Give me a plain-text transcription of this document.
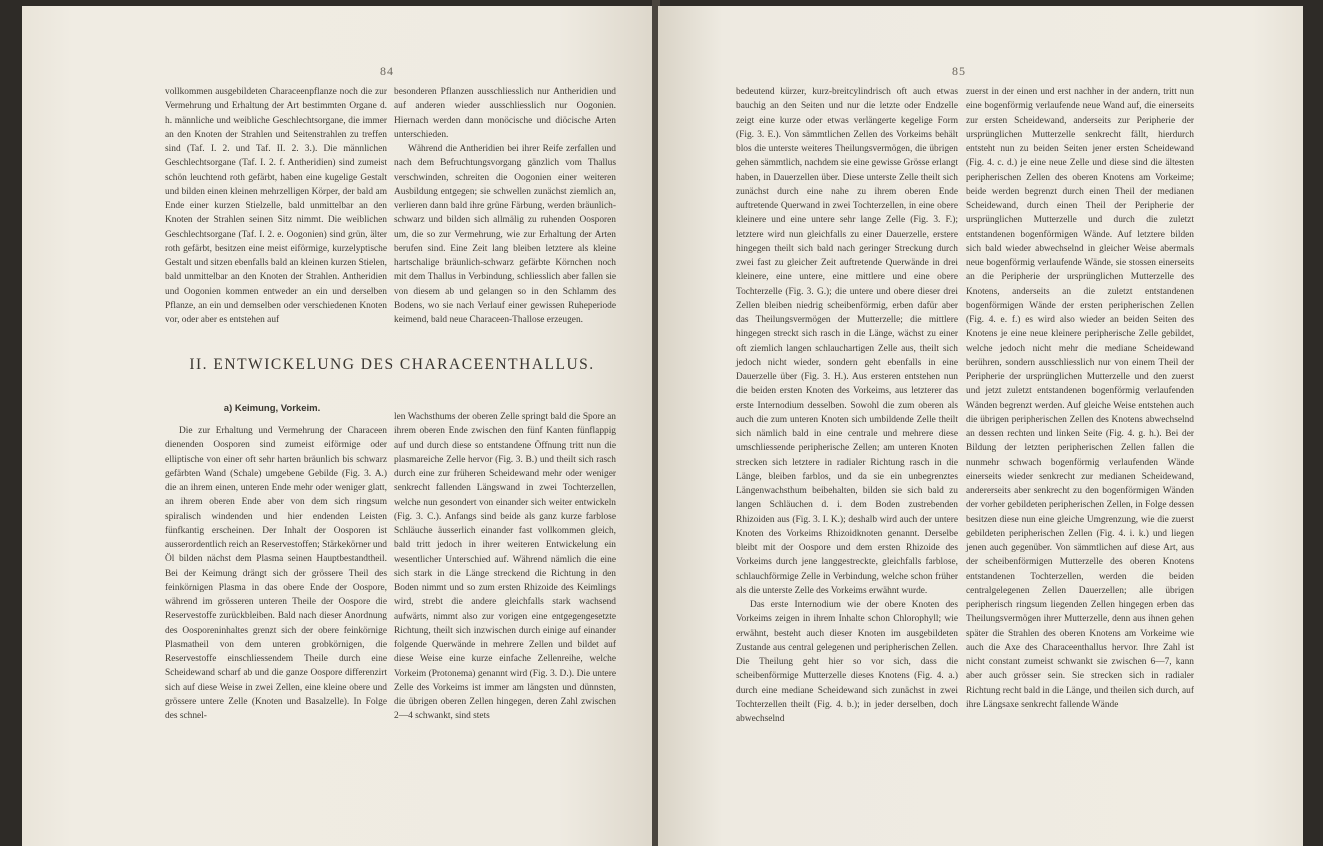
84

vollkommen ausgebildeten Characeenpflanze noch die zur Vermehrung und Erhaltung der Art bestimmten Organe d. h. männliche und weibliche Geschlechtsorgane, die immer an den Knoten der Strahlen und Seitenstrahlen zu treffen sind (Taf. I. 2. und Taf. II. 2. 3.). Die männlichen Geschlechtsorgane (Taf. I. 2. f. Antheridien) sind zumeist schön leuchtend roth gefärbt, haben eine kugelige Gestalt und bilden einen kleinen mehrzelligen Körper, der bald am Ende einer kurzen Stielzelle, bald unmittelbar an den Knoten der Strahlen seinen Sitz nimmt. Die weiblichen Geschlechtsorgane (Taf. I. 2. e. Oogonien) sind grün, älter roth gefärbt, besitzen eine meist eiförmige, kurzelyptische Gestalt und sitzen ebenfalls bald an kleinen kurzen Stielen, bald unmittelbar an den Knoten der Strahlen. Antheridien und Oogonien kommen entweder an ein und derselben Pflanze, an ein und demselben oder verschiedenen Knoten vor, oder aber es entstehen auf

besonderen Pflanzen ausschliesslich nur Antheridien und auf anderen wieder ausschliesslich nur Oogonien. Hiernach werden dann monöcische und diöcische Arten unterschieden.

Während die Antheridien bei ihrer Reife zerfallen und nach dem Befruchtungsvorgang gänzlich vom Thallus verschwinden, schreiten die Oogonien einer weiteren Ausbildung entgegen; sie schwellen zunächst ziemlich an, verlieren dann bald ihre grüne Färbung, werden bräunlich-schwarz und bilden sich allmälig zu ruhenden Oosporen um, die so zur Vermehrung, wie zur Erhaltung der Arten berufen sind. Eine Zeit lang bleiben letztere als kleine hartschalige bräunlich-schwarz gefärbte Körnchen noch mit dem Thallus in Verbindung, schliesslich aber fallen sie von diesem ab und gelangen so in den Schlamm des Bodens, wo sie nach Verlauf einer gewissen Ruheperiode keimend, bald neue Characeen-Thallose erzeugen.

II. ENTWICKELUNG DES CHARACEENTHALLUS.
a) Keimung, Vorkeim.

Die zur Erhaltung und Vermehrung der Characeen dienenden Oosporen sind zumeist eiförmige oder elliptische von einer oft sehr harten bräunlich bis schwarz gefärbten Wand (Schale) umgebene Gebilde (Fig. 3. A.) die an ihrem einen, unteren Ende mehr oder weniger glatt, an ihrem oberen Ende aber von dem sich ringsum spiralisch windenden und hier endenden Leisten fünfkantig erscheinen. Der Inhalt der Oosporen ist ausserordentlich reich an Reservestoffen; Stärkekörner und Öl bilden nächst dem Plasma seinen Hauptbestandtheil. Bei der Keimung drängt sich der grössere Theil des feinkörnigen Plasma in das obere Ende der Oospore, während im grösseren unteren Theile der Oospore die Reservestoffe zurückbleiben. Bald nach dieser Anordnung des Oosporeninhaltes grenzt sich der obere feinkörnige Plasmatheil von dem unteren grobkörnigen, die Reservestoffe einschliessendem Theile durch eine Scheidewand scharf ab und die ganze Oospore differenzirt sich auf diese Weise in zwei Zellen, eine kleine obere und grössere untere Zelle (Knoten und Basalzelle). In Folge des schnel-

len Wachsthums der oberen Zelle springt bald die Spore an ihrem oberen Ende zwischen den fünf Kanten fünflappig auf und durch diese so entstandene Öffnung tritt nun die plasmareiche Zelle hervor (Fig. 3. B.) und theilt sich rasch durch eine zur früheren Scheidewand mehr oder weniger senkrecht fallenden Längswand in zwei Tochterzellen, welche nun gesondert von einander sich weiter entwickeln (Fig. 3. C.). Anfangs sind beide als ganz kurze farblose Schläuche äusserlich einander fast vollkommen gleich, bald tritt jedoch in ihrer weiteren Entwickelung ein wesentlicher Unterschied auf. Während nämlich die eine sich stark in die Länge streckend die Richtung in den Boden nimmt und so zum ersten Rhizoide des Keimlings wird, strebt die andere gleichfalls stark wachsend aufwärts, nimmt also zur vorigen eine entgegengesetzte Richtung, theilt sich inzwischen durch einige auf einander folgende Querwände in mehrere Zellen und bildet auf diese Weise eine kurze einfache Zellenreihe, welche Vorkeim (Protonema) genannt wird (Fig. 3. D.). Die untere Zelle des Vorkeims ist immer am längsten und dünnsten, die übrigen oberen Zellen hingegen, deren Zahl zwischen 2—4 schwankt, sind stets

85

bedeutend kürzer, kurz-breitcylindrisch oft auch etwas bauchig an den Seiten und nur die letzte oder Endzelle zeigt eine kurze oder etwas verlängerte kegelige Form (Fig. 3. E.). Von sämmtlichen Zellen des Vorkeims behält blos die unterste weiteres Theilungsvermögen, die übrigen gehen sämmtlich, nachdem sie eine gewisse Grösse erlangt haben, in Dauerzellen über. Diese unterste Zelle theilt sich zunächst durch eine nahe zu ihrem oberen Ende auftretende Querwand in zwei Tochterzellen, in eine obere kleinere und eine untere sehr lange Zelle (Fig. 3. F.); letztere wird nun gleichfalls zu einer Dauerzelle, erstere hingegen theilt sich bald nach geringer Streckung durch zwei fast zu gleicher Zeit auftretende Querwände in drei kleinere, eine untere, eine mittlere und eine obere Tochterzelle (Fig. 3. G.); die untere und obere dieser drei Zellen bleiben niedrig scheibenförmig, erben dafür aber das Theilungsvermögen der Mutterzelle; die mittlere hingegen streckt sich rasch in die Länge, wächst zu einer oft ziemlich langen schlauchartigen Zelle aus, theilt sich jedoch nicht wieder, sondern geht ebenfalls in eine Dauerzelle über (Fig. 3. H.). Aus ersteren entstehen nun die beiden ersten Knoten des Vorkeims, aus letzterer das erste Internodium desselben. Sowohl die zum oberen als auch die zum unteren Knoten sich umbildende Zelle theilt sich nämlich bald in eine centrale und mehrere diese umschliessende peripherische Zellen; am unteren Knoten strecken sich letztere in radialer Richtung rasch in die Länge, bleiben farblos, und da sie ein unbegrenztes Längenwachsthum beibehalten, bilden sie sich bald zu langen Schläuchen d. i. dem Boden zustrebenden Rhizoiden aus (Fig. 3. I. K.); deshalb wird auch der untere Knoten des Vorkeims Rhizoidknoten genannt. Derselbe bleibt mit der Oospore und dem ersten Rhizoide des Vorkeims durch jene langgestreckte, gleichfalls farblose, schlauchförmige Zelle in Verbindung, welche schon früher als die unterste Zelle des Vorkeims erwähnt wurde.

Das erste Internodium wie der obere Knoten des Vorkeims zeigen in ihrem Inhalte schon Chlorophyll; wie erwähnt, besteht auch dieser Knoten im ausgebildeten Zustande aus central gelegenen und peripherischen Zellen. Die Theilung geht hier so vor sich, dass die scheibenförmige Mutterzelle dieses Knotens (Fig. 4. a.) durch eine mediane Scheidewand sich zunächst in zwei Tochterzellen theilt (Fig. 4. b.); in jeder derselben, doch abwechselnd

zuerst in der einen und erst nachher in der andern, tritt nun eine bogenförmig verlaufende neue Wand auf, die einerseits zur ersten Scheidewand, anderseits zur Peripherie der ursprünglichen Mutterzelle senkrecht fällt, hierdurch entsteht nun zu beiden Seiten jener ersten Scheidewand (Fig. 4. c. d.) je eine neue Zelle und diese sind die ältesten peripherischen Zellen des oberen Knotens am Vorkeime; beide werden begrenzt durch einen Theil der medianen Scheidewand, durch einen Theil der Peripherie der ursprünglichen Mutterzelle und durch die zuletzt entstandenen bogenförmigen Wände. Auf letztere bilden sich bald wieder abwechselnd in gleicher Weise abermals neue bogenförmig verlaufende Wände, sie stossen einerseits an die Peripherie der ursprünglichen Mutterzelle des Knotens, anderseits an die zuletzt entstandenen bogenförmigen Wände der ersten peripherischen Zellen (Fig. 4. e. f.) es wird also wieder an beiden Seiten des Knotens je eine neue kleinere peripherische Zelle gebildet, welche jedoch nicht mehr die mediane Scheidewand berühren, sondern ausschliesslich nur von einem Theil der Peripherie der ursprünglichen Mutterzelle und den zuerst und jetzt zuletzt entstandenen bogenförmig verlaufenden Wänden begrenzt werden. Auf gleiche Weise entstehen auch die übrigen peripherischen Zellen des Knotens abwechselnd an dessen rechten und linken Seite (Fig. 4. g. h.). Bei der Bildung der letzten peripherischen Zellen fallen die nunmehr schwach bogenförmig verlaufenden Wände einerseits wieder senkrecht zur medianen Scheidewand, andererseits aber senkrecht zu den bogenförmigen Wänden der vorher gebildeten peripherischen Zellen, in Folge dessen besitzen diese nun eine gleiche Umgrenzung, wie die zuerst gebildeten peripherischen Zellen (Fig. 4. i. k.) und liegen jenen auch gegenüber. Von sämmtlichen auf diese Art, aus der scheibenförmigen Mutterzelle des oberen Knotens entstandenen Tochterzellen, werden die beiden centralgelegenen Zellen Dauerzellen; alle übrigen peripherisch ringsum liegenden Zellen hingegen erben das Theilungsvermögen ihrer Mutterzelle, denn aus ihnen gehen später die Strahlen des oberen Knotens am Vorkeime wie auch die Axe des Characeenthallus hervor. Ihre Zahl ist nicht constant zumeist schwankt sie zwischen 6—7, kann aber auch grösser sein. Sie strecken sich in radialer Richtung recht bald in die Länge, und theilen sich durch, auf ihre Längsaxe senkrecht fallende Wände
